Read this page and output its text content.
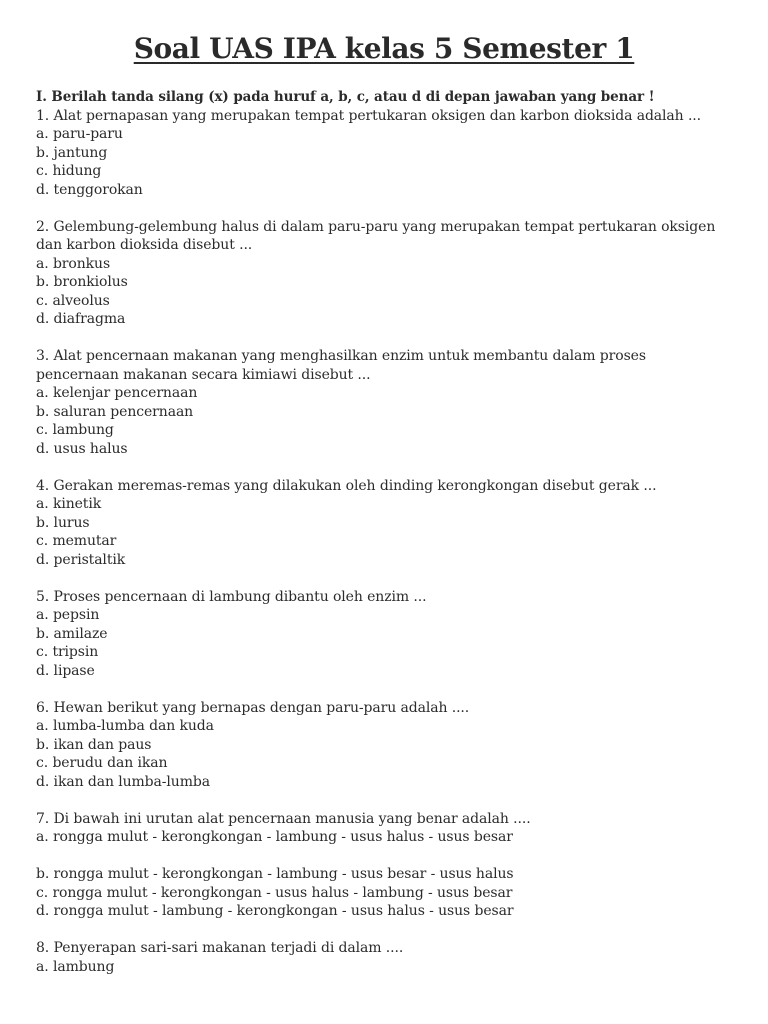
Soal UAS IPA kelas 5 Semester 1
I. Berilah tanda silang (x) pada huruf a, b, c, atau d di depan jawaban yang benar !
1. Alat pernapasan yang merupakan tempat pertukaran oksigen dan karbon dioksida adalah ...
a. paru-paru
b. jantung
c. hidung
d. tenggorokan
2. Gelembung-gelembung halus di dalam paru-paru yang merupakan tempat pertukaran oksigen
dan karbon dioksida disebut ...
a. bronkus
b. bronkiolus
c. alveolus
d. diafragma
3. Alat pencernaan makanan yang menghasilkan enzim untuk membantu dalam proses
pencernaan makanan secara kimiawi disebut ...
a. kelenjar pencernaan
b. saluran pencernaan
c. lambung
d. usus halus
4. Gerakan meremas-remas yang dilakukan oleh dinding kerongkongan disebut gerak ...
a. kinetik
b. lurus
c. memutar
d. peristaltik
5. Proses pencernaan di lambung dibantu oleh enzim ...
a. pepsin
b. amilaze
c. tripsin
d. lipase
6. Hewan berikut yang bernapas dengan paru-paru adalah ....
a. lumba-lumba dan kuda
b. ikan dan paus
c. berudu dan ikan
d. ikan dan lumba-lumba
7. Di bawah ini urutan alat pencernaan manusia yang benar adalah ....
a. rongga mulut - kerongkongan - lambung - usus halus - usus besar
b. rongga mulut - kerongkongan - lambung - usus besar - usus halus
c. rongga mulut - kerongkongan - usus halus - lambung - usus besar
d. rongga mulut - lambung - kerongkongan - usus halus - usus besar
8. Penyerapan sari-sari makanan terjadi di dalam ....
a. lambung
